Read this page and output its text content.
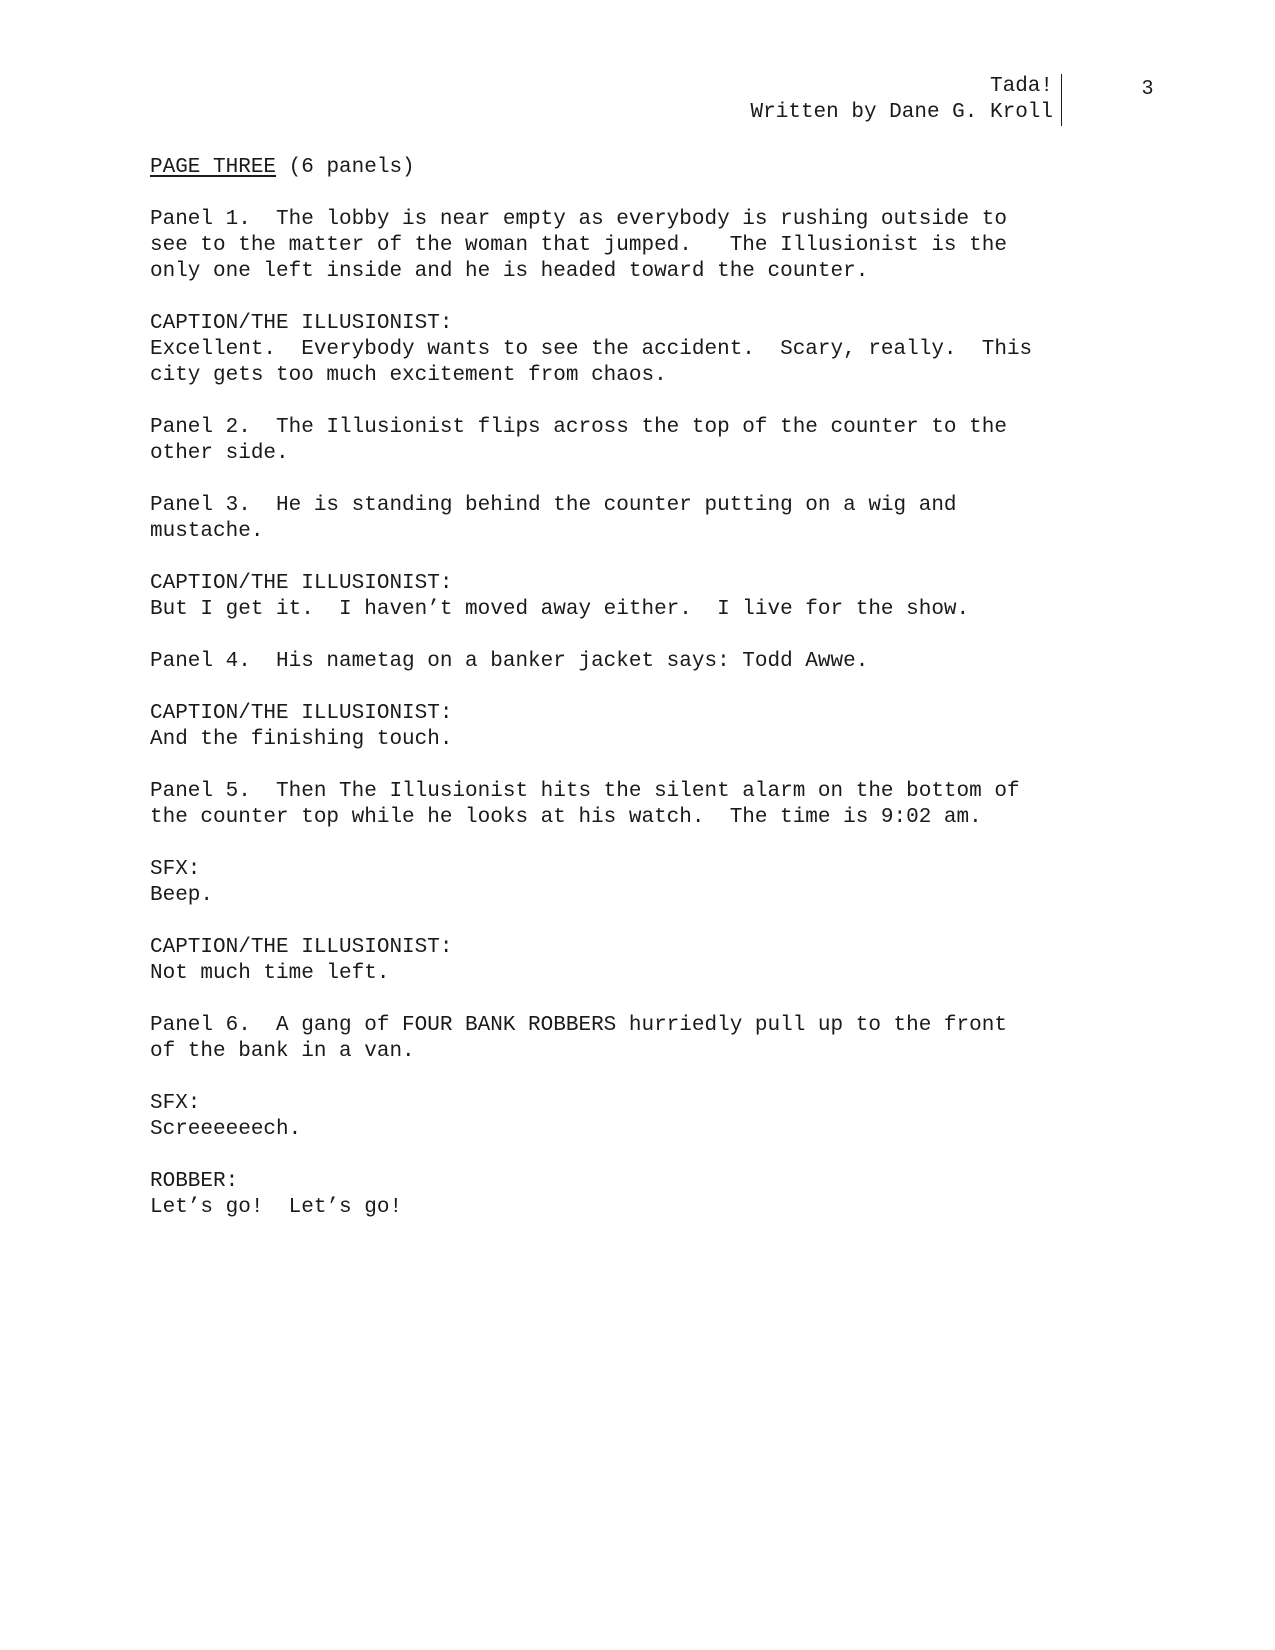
Tada!
Written by Dane G. Kroll
3
PAGE THREE (6 panels)

Panel 1.  The lobby is near empty as everybody is rushing outside to

see to the matter of the woman that jumped.   The Illusionist is the

only one left inside and he is headed toward the counter.

CAPTION/THE ILLUSIONIST:

Excellent.  Everybody wants to see the accident.  Scary, really.  This

city gets too much excitement from chaos.

Panel 2.  The Illusionist flips across the top of the counter to the

other side.

Panel 3.  He is standing behind the counter putting on a wig and

mustache.

CAPTION/THE ILLUSIONIST:

But I get it.  I haven’t moved away either.  I live for the show.

Panel 4.  His nametag on a banker jacket says: Todd Awwe.

CAPTION/THE ILLUSIONIST:

And the finishing touch.

Panel 5.  Then The Illusionist hits the silent alarm on the bottom of

the counter top while he looks at his watch.  The time is 9:02 am.

SFX:

Beep.

CAPTION/THE ILLUSIONIST:

Not much time left.

Panel 6.  A gang of FOUR BANK ROBBERS hurriedly pull up to the front

of the bank in a van.

SFX:

Screeeeeech.

ROBBER:

Let’s go!  Let’s go!
